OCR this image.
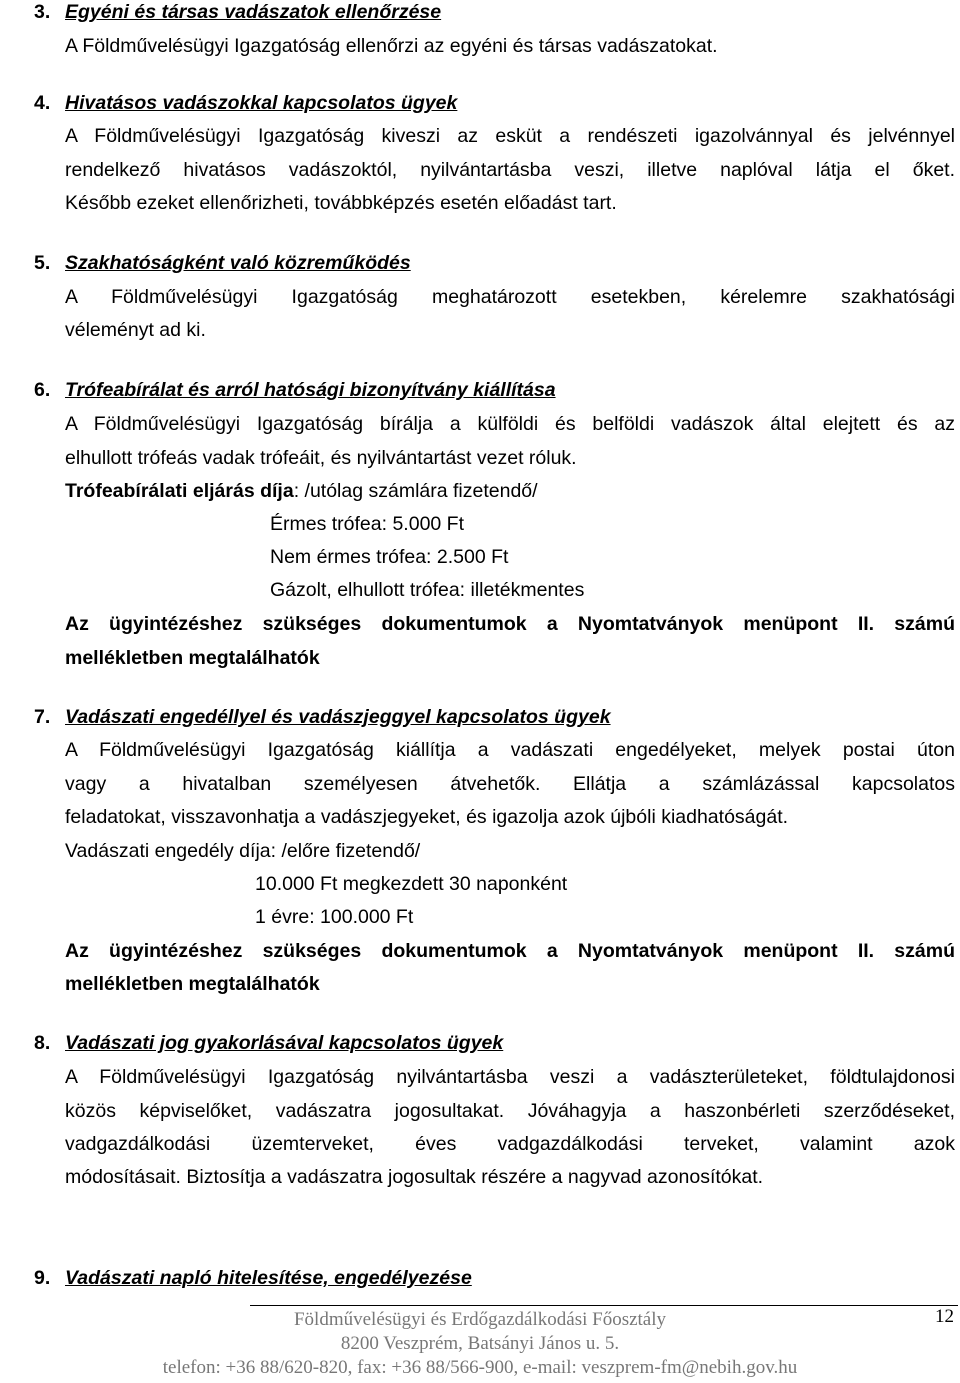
3. Egyéni és társas vadászatok ellenőrzése
A Földművelésügyi Igazgatóság ellenőrzi az egyéni és társas vadászatokat.
4. Hivatásos vadászokkal kapcsolatos ügyek
A Földművelésügyi Igazgatóság kiveszi az esküt a rendészeti igazolvánnyal és jelvénnyel
rendelkező hivatásos vadászoktól, nyilvántartásba veszi, illetve naplóval látja el őket.
Később ezeket ellenőrizheti, továbbképzés esetén előadást tart.
5. Szakhatóságként való közreműködés
A Földművelésügyi Igazgatóság meghatározott esetekben, kérelemre szakhatósági
véleményt ad ki.
6. Trófeabírálat és arról hatósági bizonyítvány kiállítása
A Földművelésügyi Igazgatóság bírálja a külföldi és belföldi vadászok által elejtett és az
elhullott trófeás vadak trófeáit, és nyilvántartást vezet róluk.
Trófeabírálati eljárás díja: /utólag számlára fizetendő/
Érmes trófea: 5.000 Ft
Nem érmes trófea: 2.500 Ft
Gázolt, elhullott trófea: illetékmentes
Az ügyintézéshez szükséges dokumentumok a Nyomtatványok menüpont II. számú
mellékletben megtalálhatók
7. Vadászati engedéllyel és vadászjeggyel kapcsolatos ügyek
A Földművelésügyi Igazgatóság kiállítja a vadászati engedélyeket, melyek postai úton
vagy a hivatalban személyesen átvehetők. Ellátja a számlázással kapcsolatos
feladatokat, visszavonhatja a vadászjegyeket, és igazolja azok újbóli kiadhatóságát.
Vadászati engedély díja: /előre fizetendő/
10.000 Ft megkezdett 30 naponként
1 évre: 100.000 Ft
Az ügyintézéshez szükséges dokumentumok a Nyomtatványok menüpont II. számú
mellékletben megtalálhatók
8. Vadászati jog gyakorlásával kapcsolatos ügyek
A Földművelésügyi Igazgatóság nyilvántartásba veszi a vadászterületeket, földtulajdonosi
közös képviselőket, vadászatra jogosultakat. Jóváhagyja a haszonbérleti szerződéseket,
vadgazdálkodási üzemterveket, éves vadgazdálkodási terveket, valamint azok
módosításait. Biztosítja a vadászatra jogosultak részére a nagyvad azonosítókat.
9. Vadászati napló hitelesítése, engedélyezése
Földművelésügyi és Erdőgazdálkodási Főosztály
8200 Veszprém, Batsányi János u. 5.
telefon: +36 88/620-820, fax: +36 88/566-900, e-mail: veszprem-fm@nebih.gov.hu
12
